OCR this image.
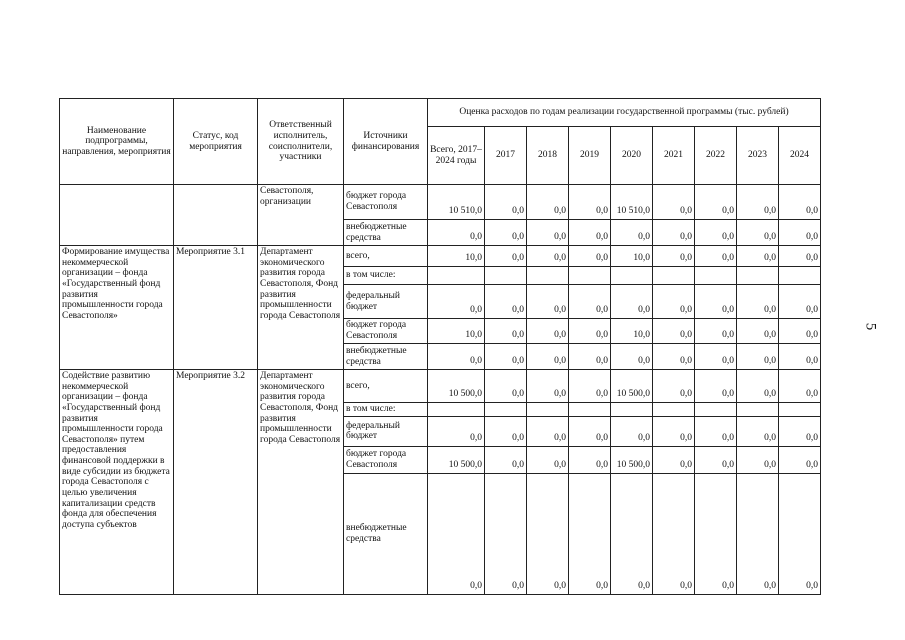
Наименование подпрограммы, направления, мероприятия	Статус, код мероприятия	Ответственный исполнитель, соисполнители, участники	Источники финансирования	Оценка расходов по годам реализации государственной программы (тыс. рублей)								
				Всего, 2017–2024 годы	2017	2018	2019	2020	2021	2022	2023	2024
		Севастополя, организации	бюджет города Севастополя	10 510,0	0,0	0,0	0,0	10 510,0	0,0	0,0	0,0	0,0
			внебюджетные средства	0,0	0,0	0,0	0,0	0,0	0,0	0,0	0,0	0,0
Формирование имущества некоммерческой организации – фонда «Государственный фонд развития промышленности города Севастополя»	Мероприятие 3.1	Департамент экономического развития города Севастополя, Фонд развития промышленности города Севастополя	всего,	10,0	0,0	0,0	0,0	10,0	0,0	0,0	0,0	0,0
			в том числе:									
			федеральный бюджет	0,0	0,0	0,0	0,0	0,0	0,0	0,0	0,0	0,0
			бюджет города Севастополя	10,0	0,0	0,0	0,0	10,0	0,0	0,0	0,0	0,0
			внебюджетные средства	0,0	0,0	0,0	0,0	0,0	0,0	0,0	0,0	0,0
Содействие развитию некоммерческой организации – фонда «Государственный фонд развития промышленности города Севастополя» путем предоставления финансовой поддержки в виде субсидии из бюджета города Севастополя с целью увеличения капитализации средств фонда для обеспечения доступа субъектов	Мероприятие 3.2	Департамент экономического развития города Севастополя, Фонд развития промышленности города Севастополя	всего,	10 500,0	0,0	0,0	0,0	10 500,0	0,0	0,0	0,0	0,0
			в том числе:									
			федеральный бюджет	0,0	0,0	0,0	0,0	0,0	0,0	0,0	0,0	0,0
			бюджет города Севастополя	10 500,0	0,0	0,0	0,0	10 500,0	0,0	0,0	0,0	0,0
			внебюджетные средства	0,0	0,0	0,0	0,0	0,0	0,0	0,0	0,0	0,0
5
